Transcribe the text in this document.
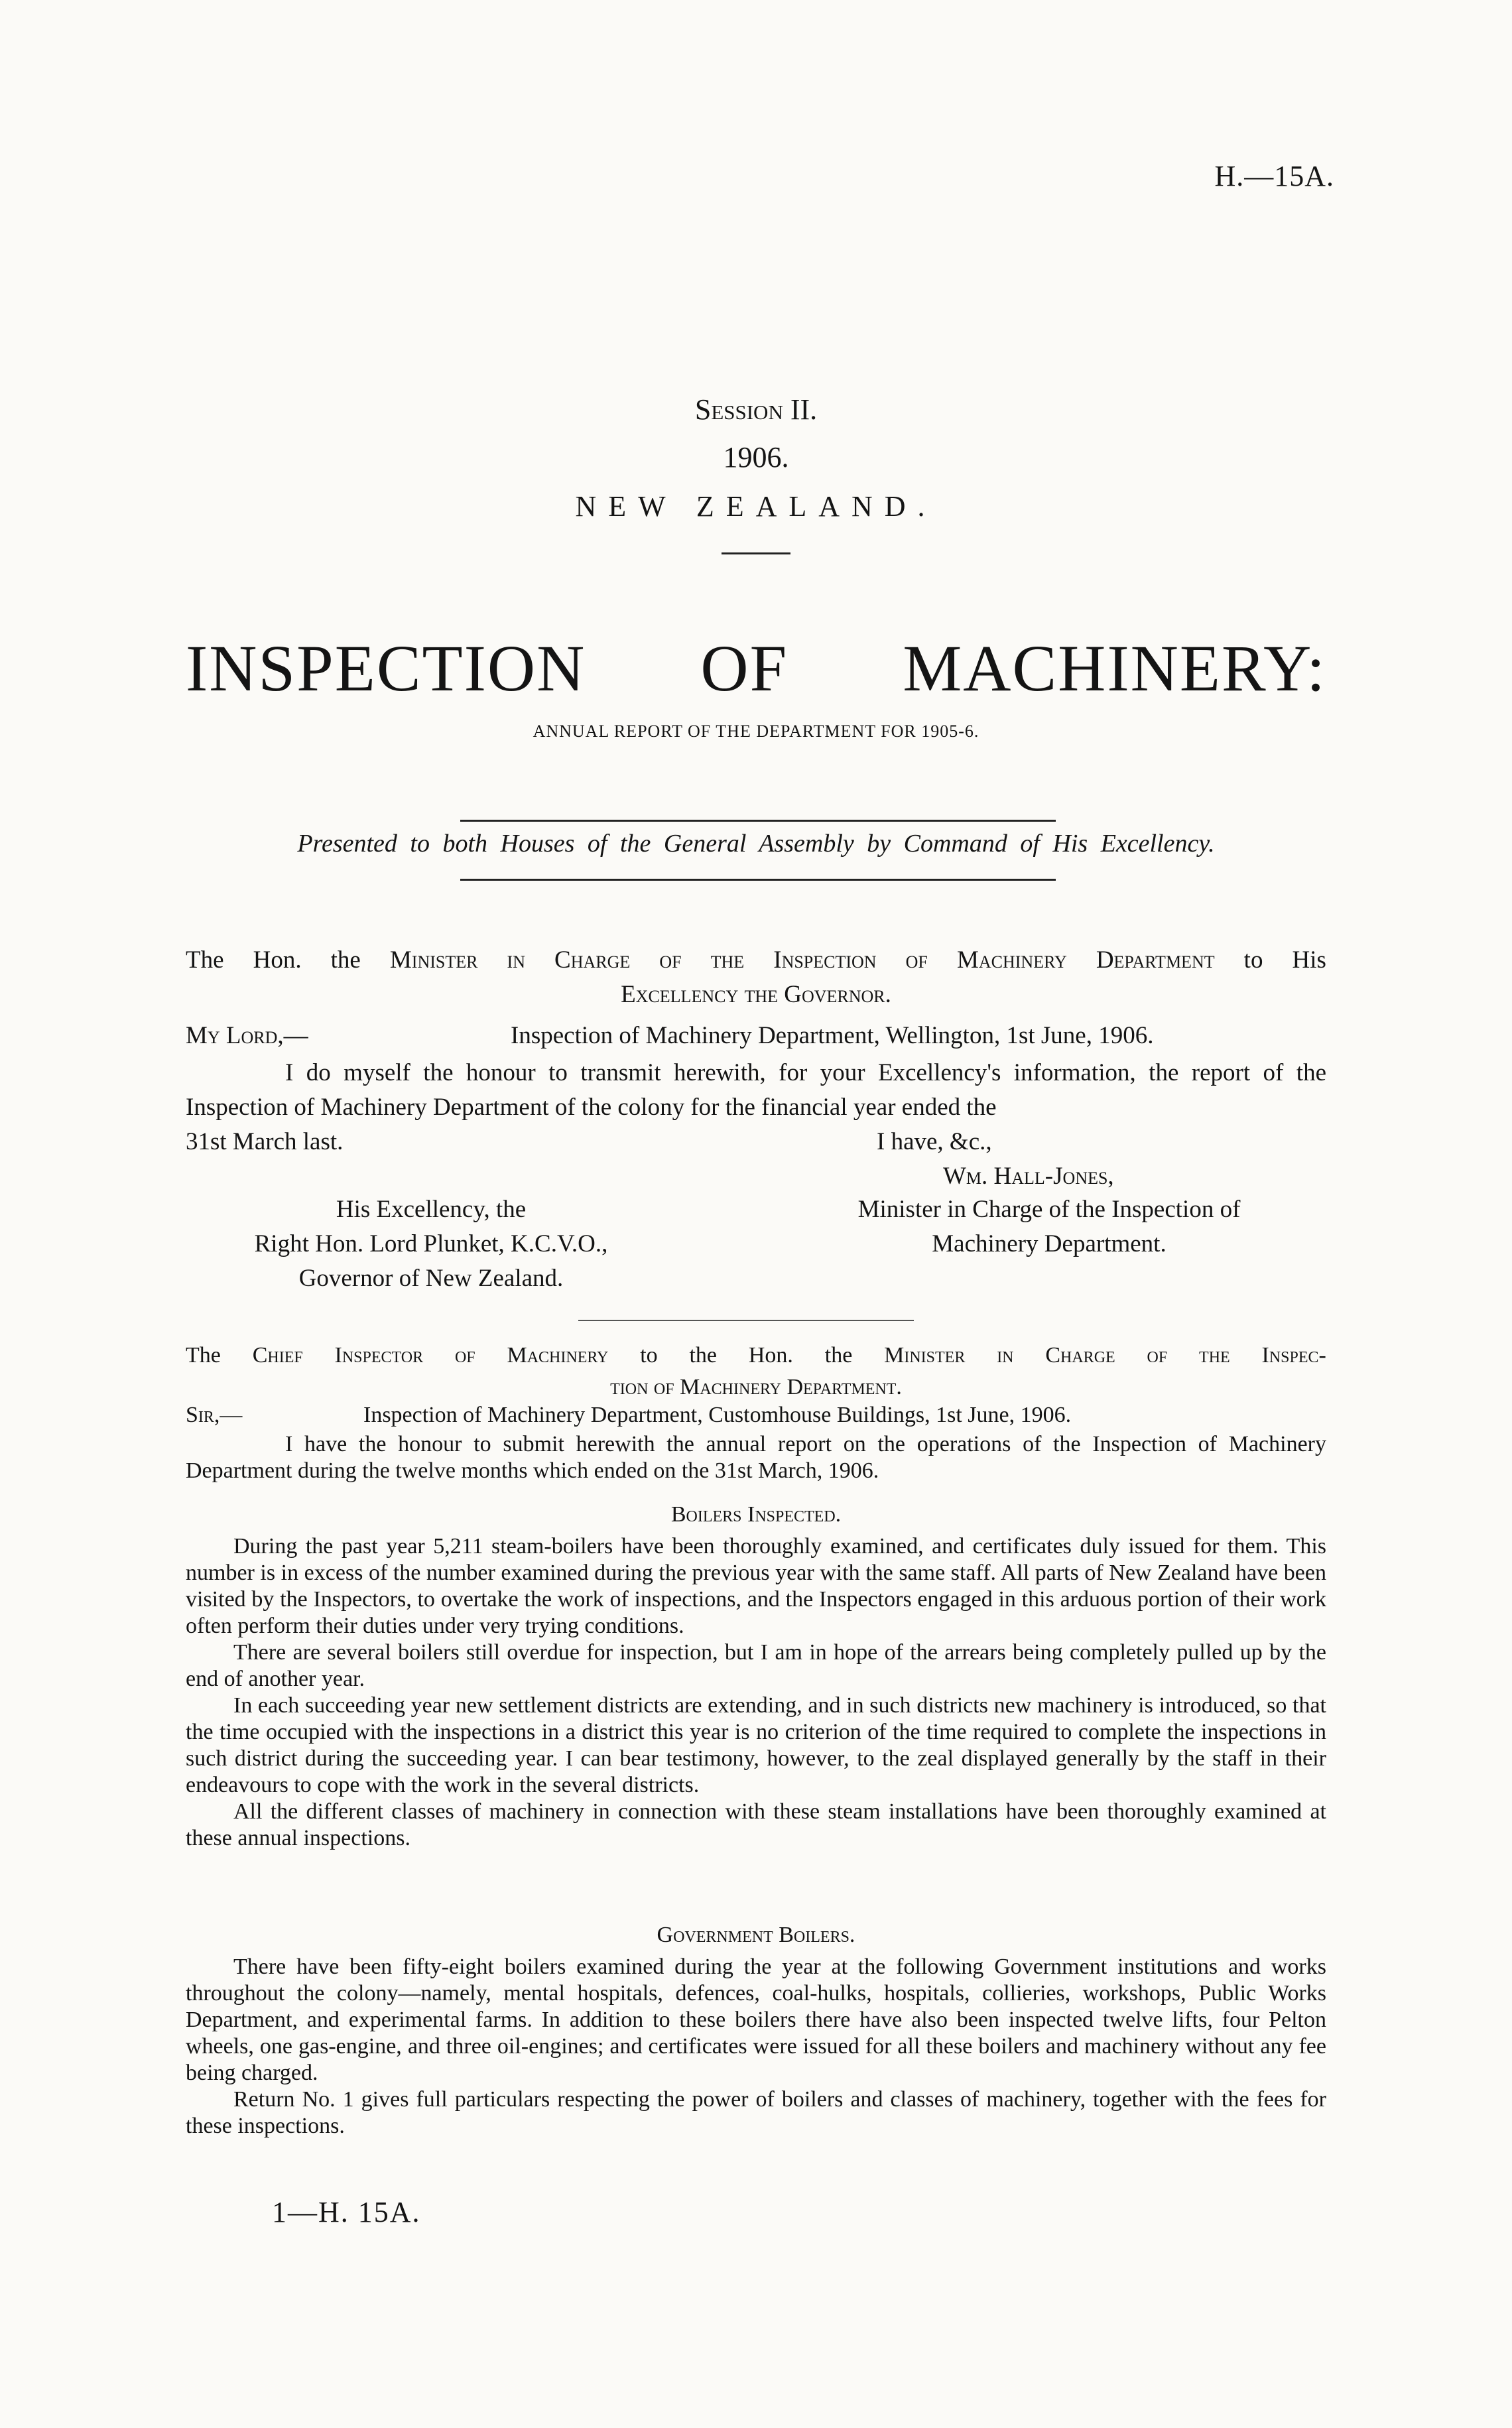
H.—15A.
Session II.
1906.
NEW ZEALAND.
INSPECTION OF MACHINERY:
ANNUAL REPORT OF THE DEPARTMENT FOR 1905-6.
Presented to both Houses of the General Assembly by Command of His Excellency.
The Hon. the Minister in Charge of the Inspection of Machinery Department to His
Excellency the Governor.
My Lord,—	Inspection of Machinery Department, Wellington, 1st June, 1906.
I do myself the honour to transmit herewith, for your Excellency's information, the report of the Inspection of Machinery Department of the colony for the financial year ended the
31st March last.	I have, &c.,
Wm. Hall-Jones,
His Excellency, the
Right Hon. Lord Plunket, K.C.V.O.,
Governor of New Zealand.
Minister in Charge of the Inspection of
Machinery Department.
The Chief Inspector of Machinery to the Hon. the Minister in Charge of the Inspec-
tion of Machinery Department.
Sir,—	Inspection of Machinery Department, Customhouse Buildings, 1st June, 1906.

I have the honour to submit herewith the annual report on the operations of the Inspection of Machinery Department during the twelve months which ended on the 31st March, 1906.

Boilers Inspected.

During the past year 5,211 steam-boilers have been thoroughly examined, and certificates duly issued for them. This number is in excess of the number examined during the previous year with the same staff. All parts of New Zealand have been visited by the Inspectors, to overtake the work of inspections, and the Inspectors engaged in this arduous portion of their work often perform their duties under very trying conditions.

There are several boilers still overdue for inspection, but I am in hope of the arrears being completely pulled up by the end of another year.

In each succeeding year new settlement districts are extending, and in such districts new machinery is introduced, so that the time occupied with the inspections in a district this year is no criterion of the time required to complete the inspections in such district during the succeeding year. I can bear testimony, however, to the zeal displayed generally by the staff in their endeavours to cope with the work in the several districts.

All the different classes of machinery in connection with these steam installations have been thoroughly examined at these annual inspections.

Government Boilers.

There have been fifty-eight boilers examined during the year at the following Government institutions and works throughout the colony—namely, mental hospitals, defences, coal-hulks, hospitals, collieries, workshops, Public Works Department, and experimental farms. In addition to these boilers there have also been inspected twelve lifts, four Pelton wheels, one gas-engine, and three oil-engines; and certificates were issued for all these boilers and machinery without any fee being charged.

Return No. 1 gives full particulars respecting the power of boilers and classes of machinery, together with the fees for these inspections.

1—H. 15A.
